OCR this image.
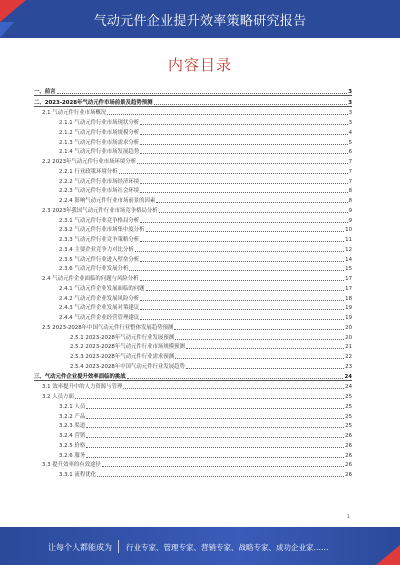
气动元件企业提升效率策略研究报告
内容目录
一、前言	3
二、2023-2028年气动元件市场前景及趋势预测	3
2.1 气动元件行业市场概况	3
2.1.1 气动元件行业市场现状分析	3
2.1.2 气动元件行业市场规模分析	4
2.1.3 气动元件行业市场需求分析	5
2.1.4 气动元件行业市场发展趋势	6
2.2 2023年气动元件行业市场环境分析	7
2.2.1 行业政策环境分析	7
2.2.2 气动元件行业市场经济环境	7
2.2.3 气动元件行业市场社会环境	8
2.2.4 影响气动元件行业市场前景的因素	8
2.3 2023年我国气动元件行业市场竞争格局分析	9
2.3.1 气动元件行业竞争格局分析	9
2.3.2 气动元件行业市场集中度分析	10
2.3.3 气动元件行业竞争策略分析	11
2.3.4 主要企业竞争力对比分析	12
2.3.5 气动元件行业进入壁垒分析	14
2.3.6 气动元件行业发展分析	15
2.4 气动元件企业面临的问题与风险分析	17
2.4.1 气动元件企业发展面临的问题	17
2.4.2 气动元件企业发展风险分析	18
2.4.3 气动元件企业发展对策建议	19
2.4.4 气动元件企业经营管理建议	19
2.5 2023-2028年中国气动元件行业整体发展趋势预测	20
2.5.1 2023-2028年气动元件行业发展预测	20
2.5.2 2023-2028年气动元件行业市场规模预测	21
2.5.3 2023-2028年气动元件行业需求预测	22
2.5.4 2023-2028年中国气动元件行业发展趋势	23
三、气动元件企业提升效率面临的挑战	24
3.1 效率提升中的人力资源与管理	24
3.2 人员方面	25
3.2.1 人员	25
3.2.2 产品	25
3.2.3 渠道	25
3.2.4 营销	26
3.2.5 价格	26
3.2.6 服务	26
3.3 提升效率的有效途径	26
3.3.1 流程优化	26
1
让每个人都能成为 行业专家、管理专家、营销专家、战略专家、成功企业家……
